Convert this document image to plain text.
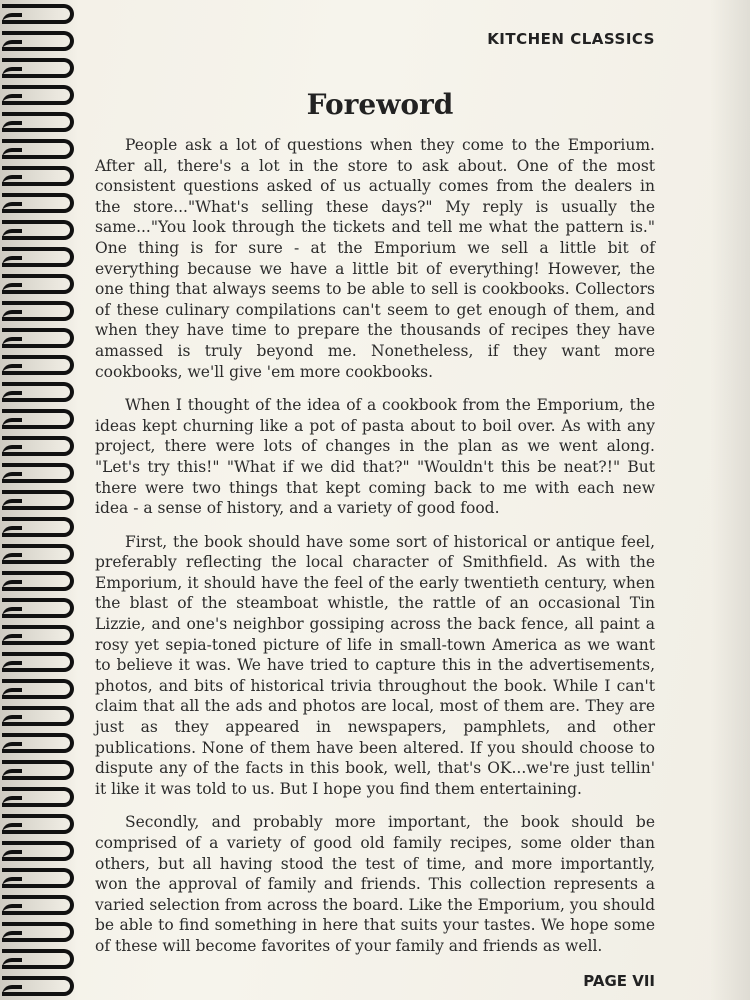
KITCHEN CLASSICS
Foreword

People ask a lot of questions when they come to the Emporium. After all, there's a lot in the store to ask about. One of the most consistent questions asked of us actually comes from the dealers in the store..."What's selling these days?" My reply is usually the same..."You look through the tickets and tell me what the pattern is." One thing is for sure - at the Emporium we sell a little bit of everything because we have a little bit of everything! However, the one thing that always seems to be able to sell is cookbooks. Collectors of these culinary compilations can't seem to get enough of them, and when they have time to prepare the thousands of recipes they have amassed is truly beyond me. Nonetheless, if they want more cookbooks, we'll give 'em more cookbooks.

When I thought of the idea of a cookbook from the Emporium, the ideas kept churning like a pot of pasta about to boil over. As with any project, there were lots of changes in the plan as we went along. "Let's try this!" "What if we did that?" "Wouldn't this be neat?!" But there were two things that kept coming back to me with each new idea - a sense of history, and a variety of good food.

First, the book should have some sort of historical or antique feel, preferably reflecting the local character of Smithfield. As with the Emporium, it should have the feel of the early twentieth century, when the blast of the steamboat whistle, the rattle of an occasional Tin Lizzie, and one's neighbor gossiping across the back fence, all paint a rosy yet sepia-toned picture of life in small-town America as we want to believe it was. We have tried to capture this in the advertisements, photos, and bits of historical trivia throughout the book. While I can't claim that all the ads and photos are local, most of them are. They are just as they appeared in newspapers, pamphlets, and other publications. None of them have been altered. If you should choose to dispute any of the facts in this book, well, that's OK...we're just tellin' it like it was told to us. But I hope you find them entertaining.

Secondly, and probably more important, the book should be comprised of a variety of good old family recipes, some older than others, but all having stood the test of time, and more importantly, won the approval of family and friends. This collection represents a varied selection from across the board. Like the Emporium, you should be able to find something in here that suits your tastes. We hope some of these will become favorites of your family and friends as well.

PAGE VII
